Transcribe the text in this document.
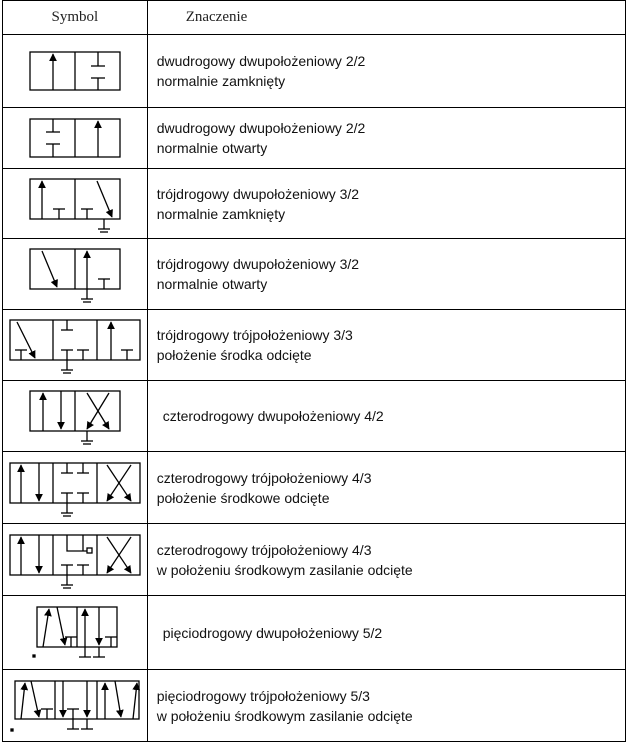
Symbol	Znaczenie

dwudrogowy dwupołożeniowy 2/2
normalnie zamknięty

dwudrogowy dwupołożeniowy 2/2
normalnie otwarty

trójdrogowy dwupołożeniowy 3/2
normalnie zamknięty

trójdrogowy dwupołożeniowy 3/2
normalnie otwarty

trójdrogowy trójpołożeniowy 3/3
położenie środka odcięte

czterodrogowy dwupołożeniowy 4/2

czterodrogowy trójpołożeniowy 4/3
położenie środkowe odcięte

czterodrogowy trójpołożeniowy 4/3
w położeniu środkowym zasilanie odcięte

pięciodrogowy dwupołożeniowy 5/2

pięciodrogowy trójpołożeniowy 5/3
w położeniu środkowym zasilanie odcięte
